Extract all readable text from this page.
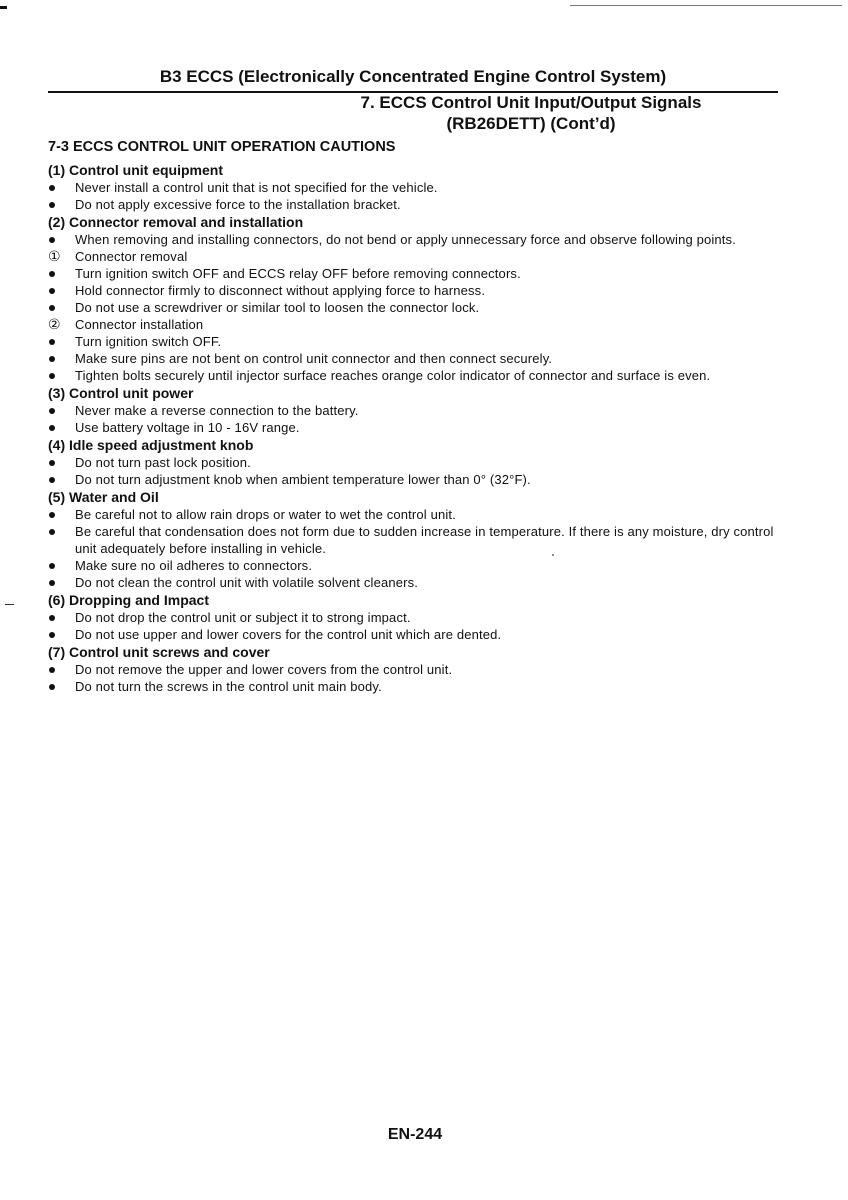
B3 ECCS (Electronically Concentrated Engine Control System)
7. ECCS Control Unit Input/Output Signals
(RB26DETT) (Cont’d)
7-3 ECCS CONTROL UNIT OPERATION CAUTIONS
(1) Control unit equipment
Never install a control unit that is not specified for the vehicle.
Do not apply excessive force to the installation bracket.
(2) Connector removal and installation
When removing and installing connectors, do not bend or apply unnecessary force and observe following points.
①	Connector removal
Turn ignition switch OFF and ECCS relay OFF before removing connectors.
Hold connector firmly to disconnect without applying force to harness.
Do not use a screwdriver or similar tool to loosen the connector lock.
②	Connector installation
Turn ignition switch OFF.
Make sure pins are not bent on control unit connector and then connect securely.
Tighten bolts securely until injector surface reaches orange color indicator of connector and surface is even.
(3) Control unit power
Never make a reverse connection to the battery.
Use battery voltage in 10 - 16V range.
(4) Idle speed adjustment knob
Do not turn past lock position.
Do not turn adjustment knob when ambient temperature lower than 0° (32°F).
(5) Water and Oil
Be careful not to allow rain drops or water to wet the control unit.
Be careful that condensation does not form due to sudden increase in temperature. If there is any moisture, dry control unit adequately before installing in vehicle.
Make sure no oil adheres to connectors.
Do not clean the control unit with volatile solvent cleaners.
(6) Dropping and Impact
Do not drop the control unit or subject it to strong impact.
Do not use upper and lower covers for the control unit which are dented.
(7) Control unit screws and cover
Do not remove the upper and lower covers from the control unit.
Do not turn the screws in the control unit main body.
EN-244
